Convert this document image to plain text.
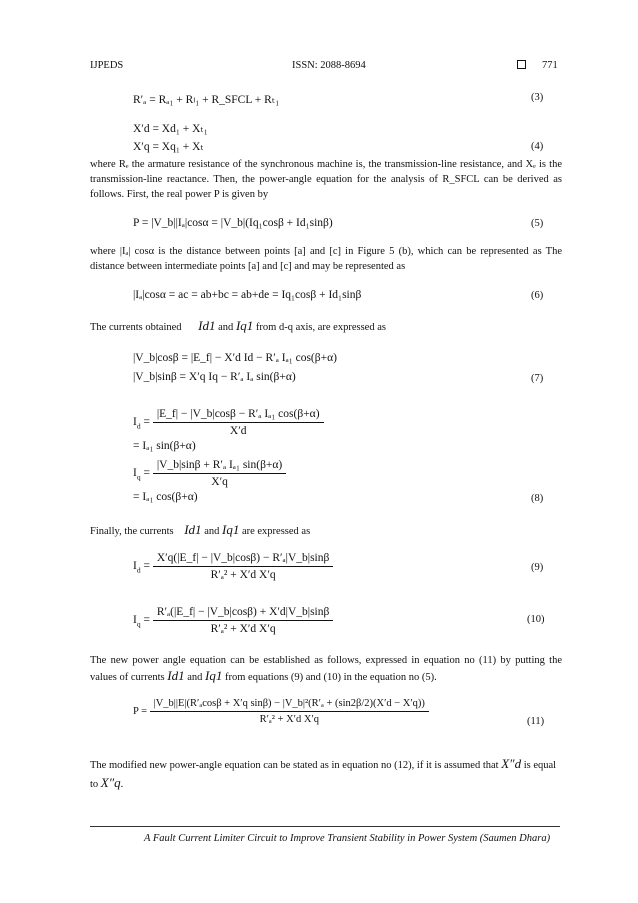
IJPEDS	ISSN: 2088-8694	771
R′ₐ = Rₐ₁ + Rₗ₁ + R_SFCL + Rₜ₁	(3)
X′d = Xd₁ + Xₜ₁
X′q = Xq₁ + Xₜ	(4)
where Rₑ the armature resistance of the synchronous machine is, the transmission-line resistance, and Xₑ is the transmission-line reactance. Then, the power-angle equation for the analysis of R_SFCL can be derived as follows. First, the real power P is given by
P = |V_b||Iₐ|cosα = |V_b|(Iq₁cosβ + Id₁sinβ)	(5)
where |Iₐ| cosα is the distance between points [a] and [c] in Figure 5 (b), which can be represented as The distance between intermediate points [a] and [c] and may be represented as
|Iₐ|cosα = ac = ab+bc = ab+de = Iq₁cosβ + Id₁sinβ	(6)
The currents obtained Id1 and Iq1 from d-q axis, are expressed as
|V_b|cosβ = |E_f| − X′d Id − R′ₐ Iₐ₁ cos(β+α)
|V_b|sinβ = X′q Iq − R′ₐ Iₐ sin(β+α)	(7)
$I_d = \frac{\text{|E\_f| − |V\_b|cosβ − R′ₐ Iₐ₁ cos(β+α)}}{X'd}$
= Iₐ₁ sin(β+α)
$I_q = \frac{\text{|V\_b|sinβ + R′ₐ Iₐ₁ sin(β+α)}}{X'q}$
= Iₐ₁ cos(β+α)	(8)
Finally, the currents Id1 and Iq1 are expressed as
$I_d = \frac{\text{X′q(|E\_f| − |V\_b|cosβ) − R′ₐ|V\_b|sinβ}}{\text{R′ₐ² + X′d X′q}}$	(9)
$I_q = \frac{\text{R′ₐ(|E\_f| − |V\_b|cosβ) + X′d|V\_b|sinβ}}{\text{R′ₐ² + X′d X′q}}$	(10)
The new power angle equation can be established as follows, expressed in equation no (11) by putting the values of currents Id1 and Iq1 from equations (9) and (10) in the equation no (5).
P =
|V_b||E|(R′ₐcosβ + X′q sinβ) − |V_b|²(R′ₐ + (sin2β/2)(X′d − X′q))
R′ₐ² + X′d X′q	(11)
The modified new power-angle equation can be stated as in equation no (12), if it is assumed that X″d is equal to X″q.
A Fault Current Limiter Circuit to Improve Transient Stability in Power System (Saumen Dhara)
